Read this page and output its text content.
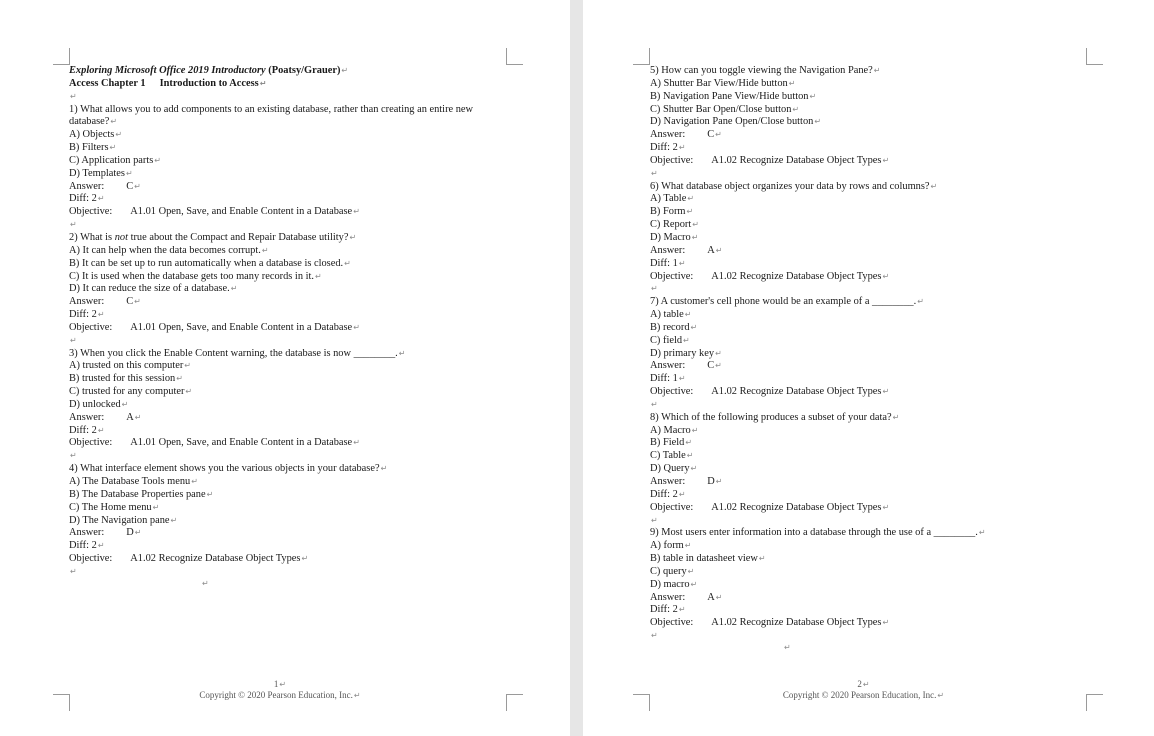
Exploring Microsoft Office 2019 Introductory (Poatsy/Grauer)↵
Access Chapter 1 Introduction to Access↵
↵
1) What allows you to add components to an existing database, rather than creating an entire new database?↵
A) Objects↵
B) Filters↵
C) Application parts↵
D) Templates↵
Answer: C↵
Diff: 2↵
Objective: A1.01 Open, Save, and Enable Content in a Database↵
↵
2) What is not true about the Compact and Repair Database utility?↵
A) It can help when the data becomes corrupt.↵
B) It can be set up to run automatically when a database is closed.↵
C) It is used when the database gets too many records in it.↵
D) It can reduce the size of a database.↵
Answer: C↵
Diff: 2↵
Objective: A1.01 Open, Save, and Enable Content in a Database↵
↵
3) When you click the Enable Content warning, the database is now ________.↵
A) trusted on this computer↵
B) trusted for this session↵
C) trusted for any computer↵
D) unlocked↵
Answer: A↵
Diff: 2↵
Objective: A1.01 Open, Save, and Enable Content in a Database↵
↵
4) What interface element shows you the various objects in your database?↵
A) The Database Tools menu↵
B) The Database Properties pane↵
C) The Home menu↵
D) The Navigation pane↵
Answer: D↵
Diff: 2↵
Objective: A1.02 Recognize Database Object Types↵
↵
↵
1↵
Copyright © 2020 Pearson Education, Inc.↵
5) How can you toggle viewing the Navigation Pane?↵
A) Shutter Bar View/Hide button↵
B) Navigation Pane View/Hide button↵
C) Shutter Bar Open/Close button↵
D) Navigation Pane Open/Close button↵
Answer: C↵
Diff: 2↵
Objective: A1.02 Recognize Database Object Types↵
↵
6) What database object organizes your data by rows and columns?↵
A) Table↵
B) Form↵
C) Report↵
D) Macro↵
Answer: A↵
Diff: 1↵
Objective: A1.02 Recognize Database Object Types↵
↵
7) A customer's cell phone would be an example of a ________.↵
A) table↵
B) record↵
C) field↵
D) primary key↵
Answer: C↵
Diff: 1↵
Objective: A1.02 Recognize Database Object Types↵
↵
8) Which of the following produces a subset of your data?↵
A) Macro↵
B) Field↵
C) Table↵
D) Query↵
Answer: D↵
Diff: 2↵
Objective: A1.02 Recognize Database Object Types↵
↵
9) Most users enter information into a database through the use of a ________.↵
A) form↵
B) table in datasheet view↵
C) query↵
D) macro↵
Answer: A↵
Diff: 2↵
Objective: A1.02 Recognize Database Object Types↵
↵
↵
2↵
Copyright © 2020 Pearson Education, Inc.↵
